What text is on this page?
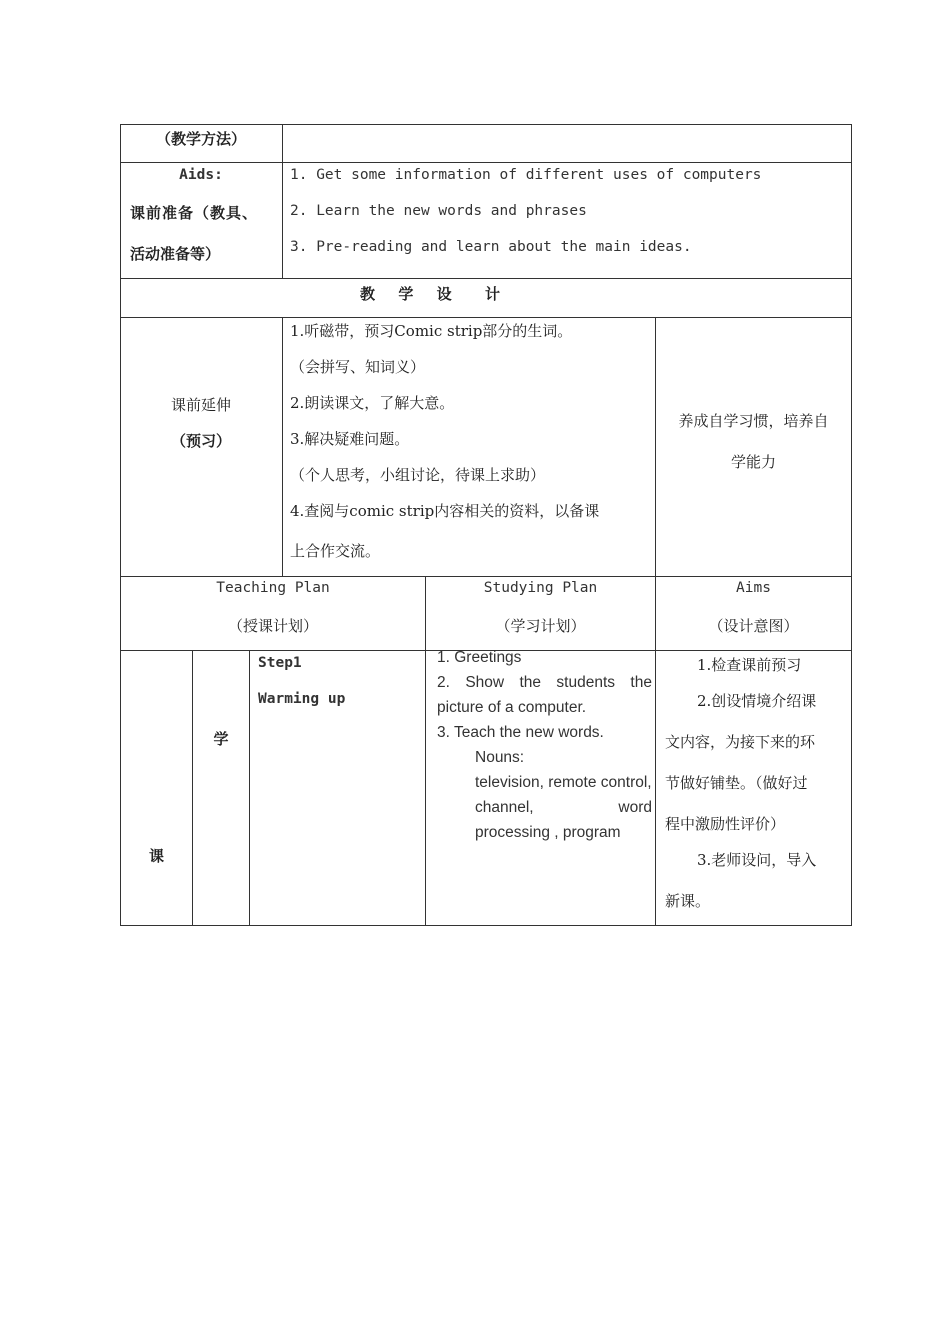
（教学方法）
Aids:
课前准备（教具、
活动准备等）
1. Get some information of different uses of computers
2. Learn the new words and phrases
3. Pre-reading and learn about the main ideas.
教 学 设 计
课前延伸
（预习）
1.听磁带，预习Comic strip部分的生词。
（会拼写、知词义）
2.朗读课文，了解大意。
3.解决疑难问题。
（个人思考，小组讨论，待课上求助）
4.查阅与comic strip内容相关的资料，以备课
上合作交流。
养成自学习惯，培养自
学能力
Teaching Plan
（授课计划）
Studying Plan
（学习计划）
Aims
（设计意图）
课
学
Step1
Warming up
1. Greetings
2. Show the students the
picture of a computer.
3. Teach the new words.
Nouns:
television, remote control,
channel,	word
processing , program
1.检查课前预习
2.创设情境介绍课
文内容，为接下来的环
节做好铺垫。（做好过
程中激励性评价）
3.老师设问，导入
新课。
